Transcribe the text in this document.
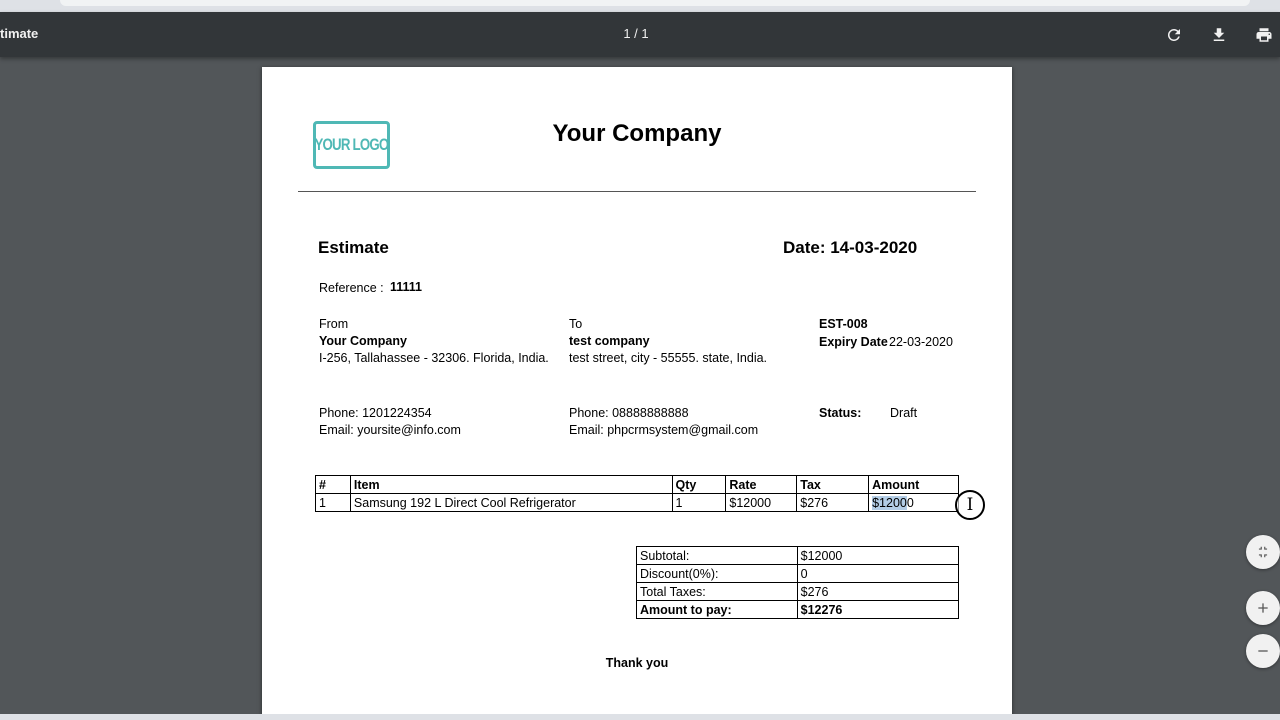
timate	1 / 1
YOUR LOGO	Your Company
Estimate	Date: 14-03-2020
Reference : 11111
From
Your Company
I-256, Tallahassee - 32306. Florida, India.
Phone: 1201224354
Email: yoursite@info.com
To
test company
test street, city - 55555. state, India.
Phone: 08888888888
Email: phpcrmsystem@gmail.com
EST-008
Expiry Date 22-03-2020
Status: Draft
#	Item	Qty	Rate	Tax	Amount
1	Samsung 192 L Direct Cool Refrigerator	1	$12000	$276	$12000
Subtotal:	$12000
Discount(0%):	0
Total Taxes:	$276
Amount to pay:	$12276
Thank you
I
